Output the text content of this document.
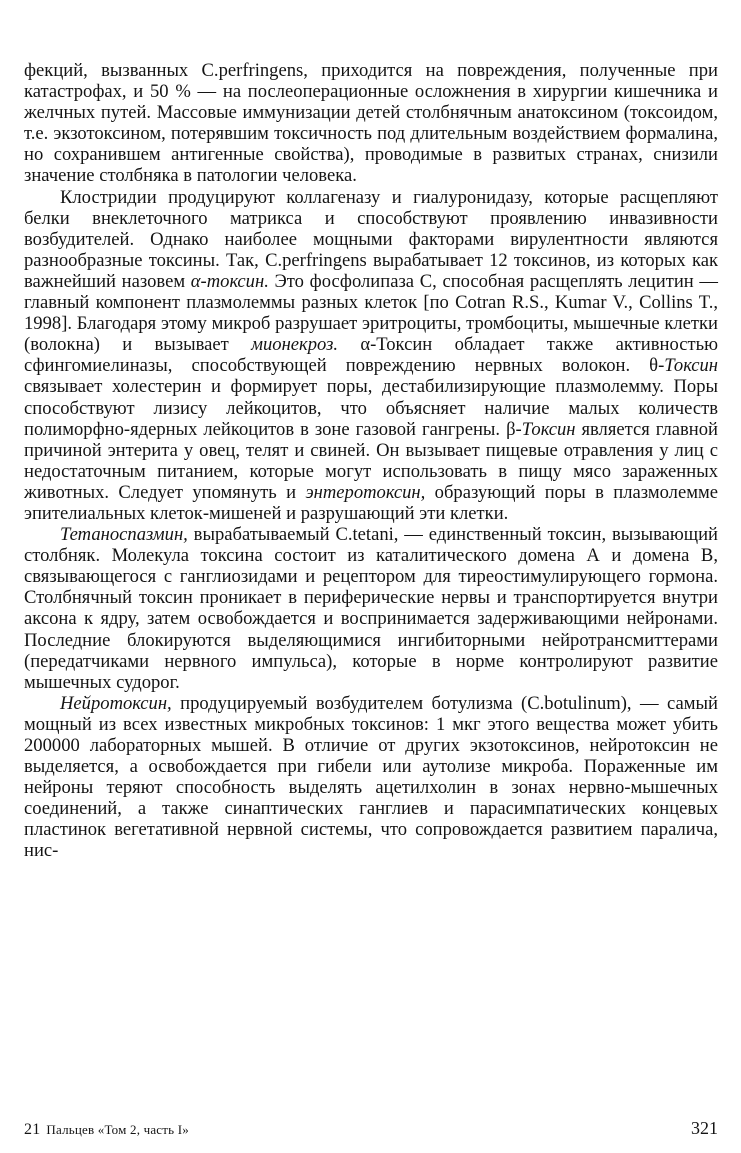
фекций, вызванных C.perfringens, приходится на повреждения, полученные при катастрофах, и 50 % — на послеоперационные осложнения в хирургии кишечника и желчных путей. Массовые иммунизации детей столбнячным анатоксином (токсоидом, т.е. экзотоксином, потерявшим токсичность под длительным воздействием формалина, но сохранившем антигенные свойства), проводимые в развитых странах, снизили значение столбняка в патологии человека.

Клостридии продуцируют коллагеназу и гиалуронидазу, которые расщепляют белки внеклеточного матрикса и способствуют проявлению инвазивности возбудителей. Однако наиболее мощными факторами вирулентности являются разнообразные токсины. Так, C.perfringens вырабатывает 12 токсинов, из которых как важнейший назовем α-токсин. Это фосфолипаза С, способная расщеплять лецитин — главный компонент плазмолеммы разных клеток [по Cotran R.S., Kumar V., Collins T., 1998]. Благодаря этому микроб разрушает эритроциты, тромбоциты, мышечные клетки (волокна) и вызывает мионекроз. α-Токсин обладает также активностью сфингомиелиназы, способствующей повреждению нервных волокон. θ-Токсин связывает холестерин и формирует поры, дестабилизирующие плазмолемму. Поры способствуют лизису лейкоцитов, что объясняет наличие малых количеств полиморфно-ядерных лейкоцитов в зоне газовой гангрены. β-Токсин является главной причиной энтерита у овец, телят и свиней. Он вызывает пищевые отравления у лиц с недостаточным питанием, которые могут использовать в пищу мясо зараженных животных. Следует упомянуть и энтеротоксин, образующий поры в плазмолемме эпителиальных клеток-мишеней и разрушающий эти клетки.

Тетаноспазмин, вырабатываемый C.tetani, — единственный токсин, вызывающий столбняк. Молекула токсина состоит из каталитического домена А и домена В, связывающегося с ганглиозидами и рецептором для тиреостимулирующего гормона. Столбнячный токсин проникает в периферические нервы и транспортируется внутри аксона к ядру, затем освобождается и воспринимается задерживающими нейронами. Последние блокируются выделяющимися ингибиторными нейротрансмиттерами (передатчиками нервного импульса), которые в норме контролируют развитие мышечных судорог.

Нейротоксин, продуцируемый возбудителем ботулизма (C.botulinum), — самый мощный из всех известных микробных токсинов: 1 мкг этого вещества может убить 200000 лабораторных мышей. В отличие от других экзотоксинов, нейротоксин не выделяется, а освобождается при гибели или аутолизе микроба. Пораженные им нейроны теряют способность выделять ацетилхолин в зонах нервно-мышечных соединений, а также синаптических ганглиев и парасимпатических концевых пластинок вегетативной нервной системы, что сопровождается развитием паралича, нис-

21 Пальцев «Том 2, часть I»	321
